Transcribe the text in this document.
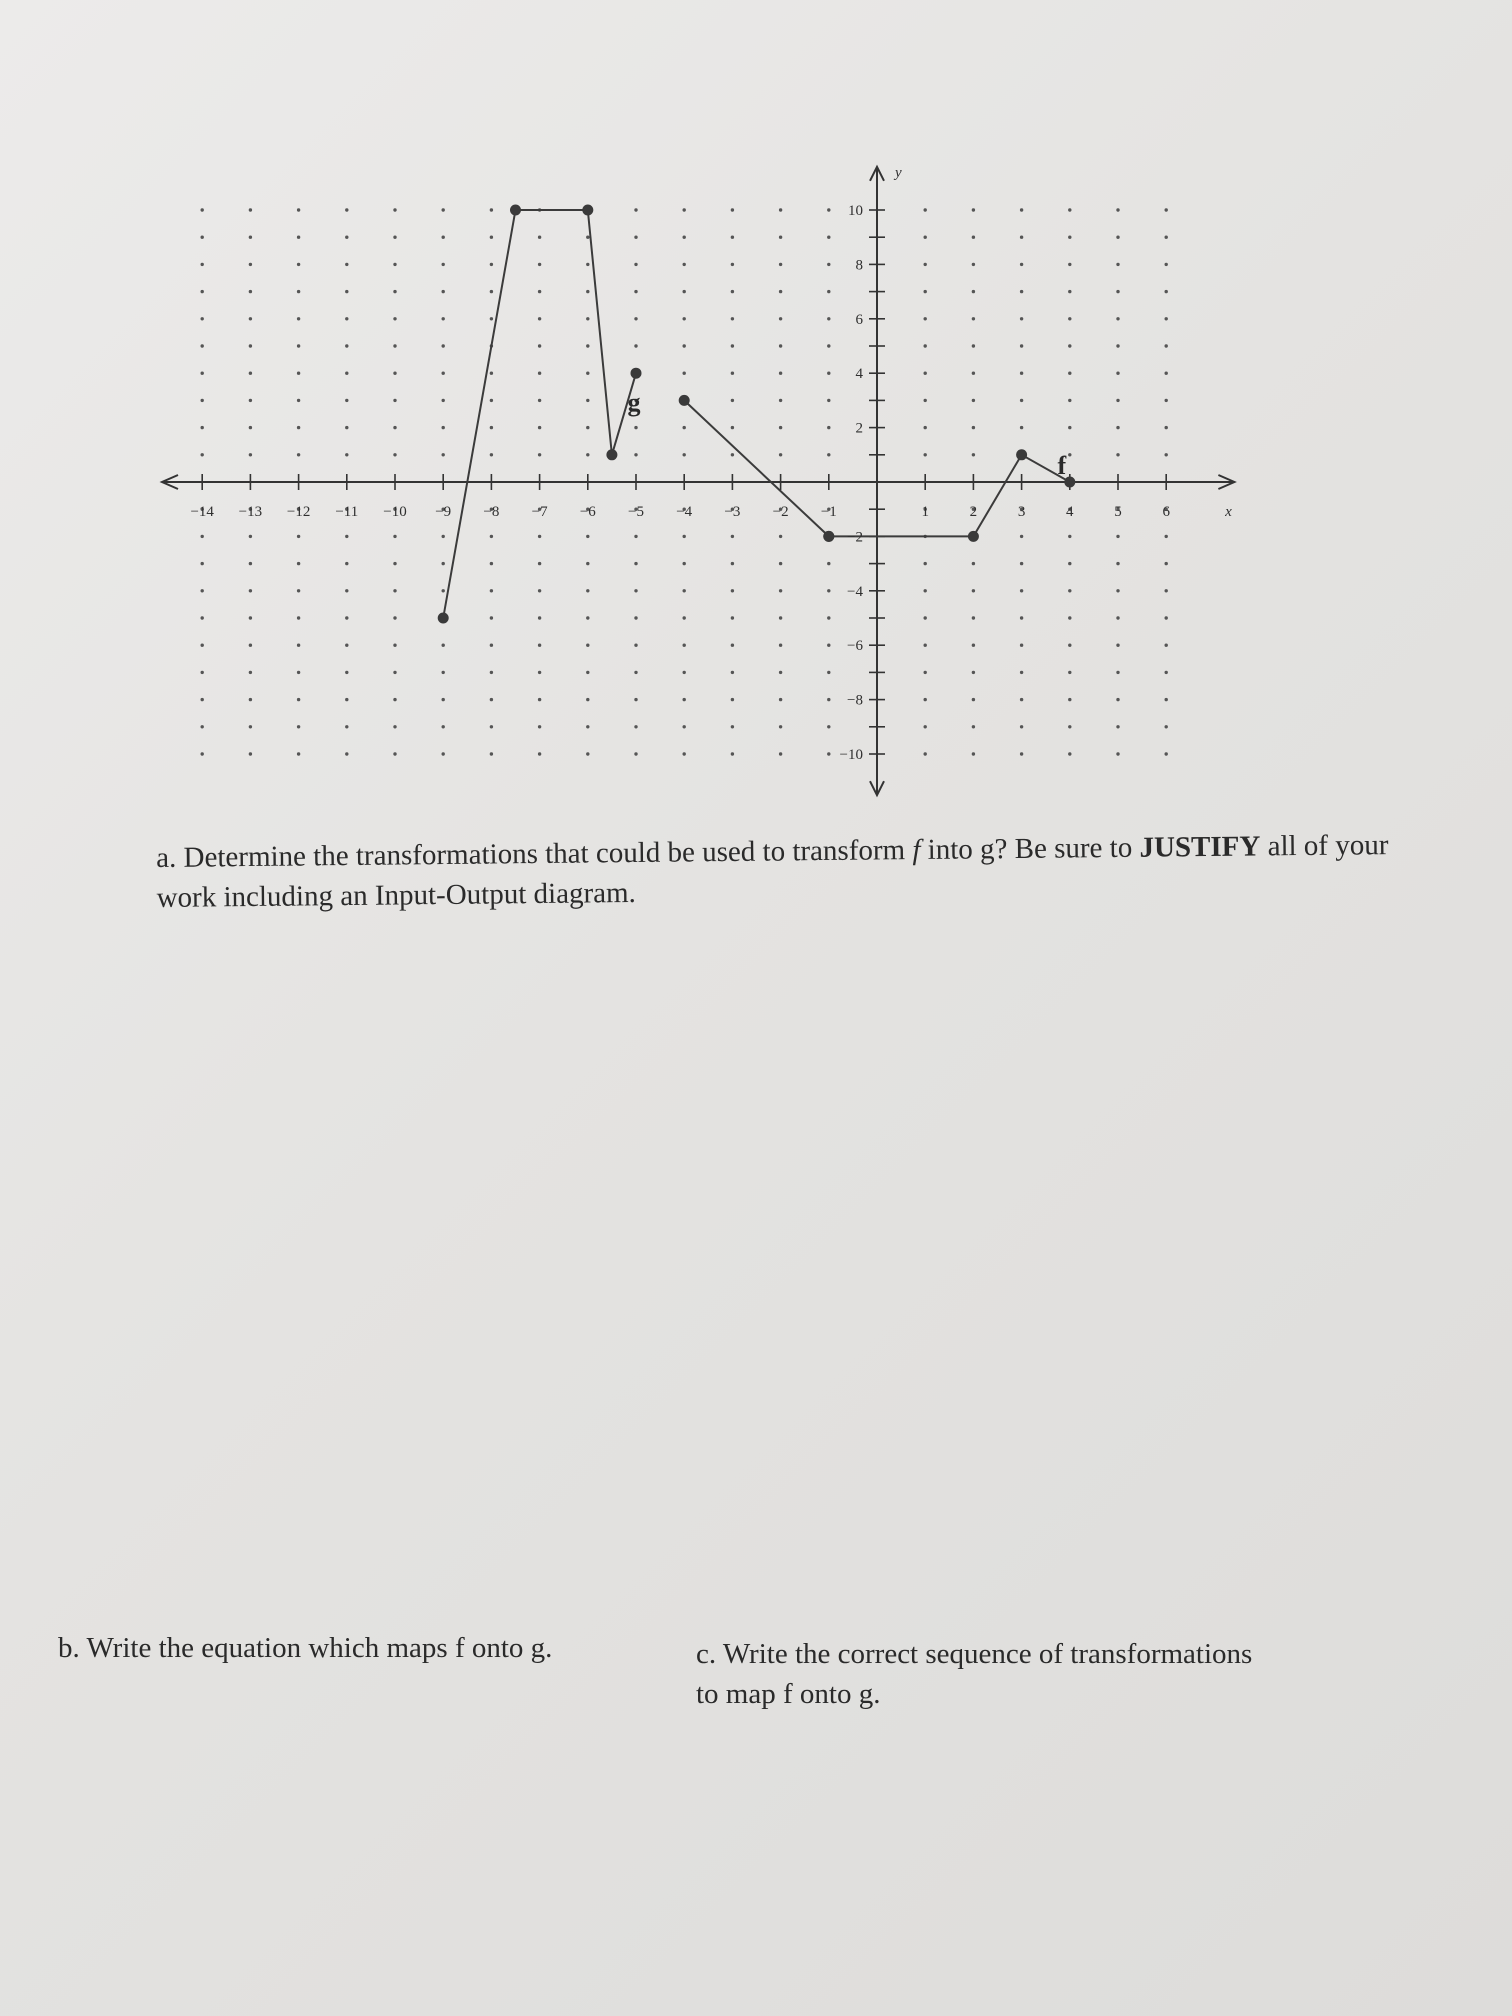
−14 −13 −12 −11 −10 −9 −8 −7 −6 −5 −4 −3 −2 −1	1	2	3	4	5	6
10
8
6
4
2
−2
−4
−6
−8
−10
x
y
f
g
a. Determine the transformations that could be used to transform f into g? Be sure to JUSTIFY all of your work including an Input-Output diagram.
b. Write the equation which maps f onto g.	c. Write the correct sequence of transformations to map f onto g.
